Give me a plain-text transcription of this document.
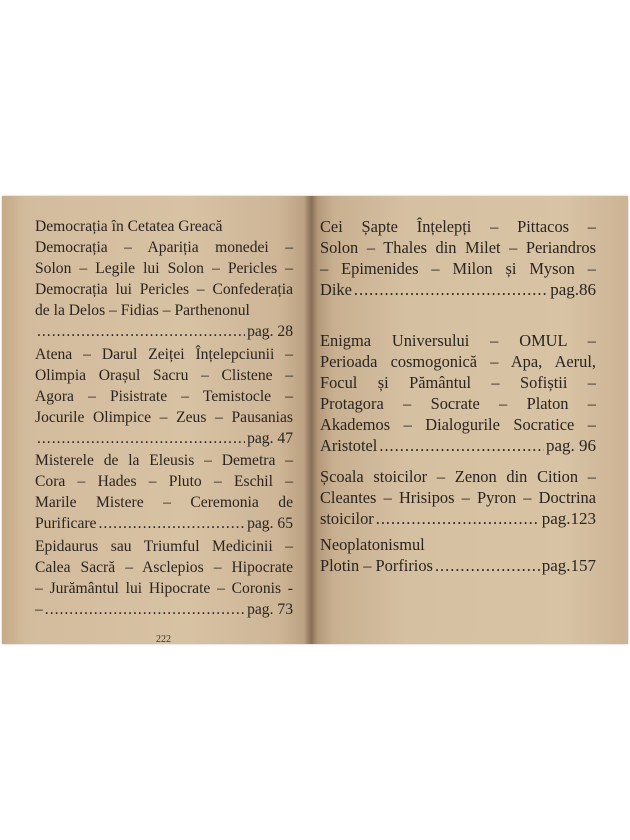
Democrația în Cetatea Greacă
Democrația – Apariția monedei –
Solon – Legile lui Solon – Pericles –
Democrația lui Pericles – Confederația
de la Delos – Fidias – Parthenonul
.....
pag. 28
Atena – Darul Zeiței Înțelepciunii –
Olimpia Orașul Sacru – Clistene –
Agora – Pisistrate – Temistocle –
Jocurile Olimpice – Zeus – Pausanias
.....
pag. 47
Misterele de la Eleusis – Demetra –
Cora – Hades – Pluto – Eschil –
Marile Mistere – Ceremonia de
Purificare .....	pag. 65
Epidaurus sau Triumful Medicinii –
Calea Sacră – Asclepios – Hipocrate
– Jurământul lui Hipocrate – Coronis -
– .....	pag. 73
222
Cei Șapte Înțelepți – Pittacos –
Solon – Thales din Milet – Periandros
– Epimenides – Milon și Myson –
Dike .....	pag.86
Enigma Universului – OMUL –
Perioada cosmogonică – Apa, Aerul,
Focul și Pământul – Sofiștii –
Protagora – Socrate – Platon –
Akademos – Dialogurile Socratice –
Aristotel .....	pag. 96
Școala stoicilor – Zenon din Cition –
Cleantes – Hrisipos – Pyron – Doctrina
stoicilor .....	pag.123
Neoplatonismul
Plotin – Porfirios .....	pag.157
